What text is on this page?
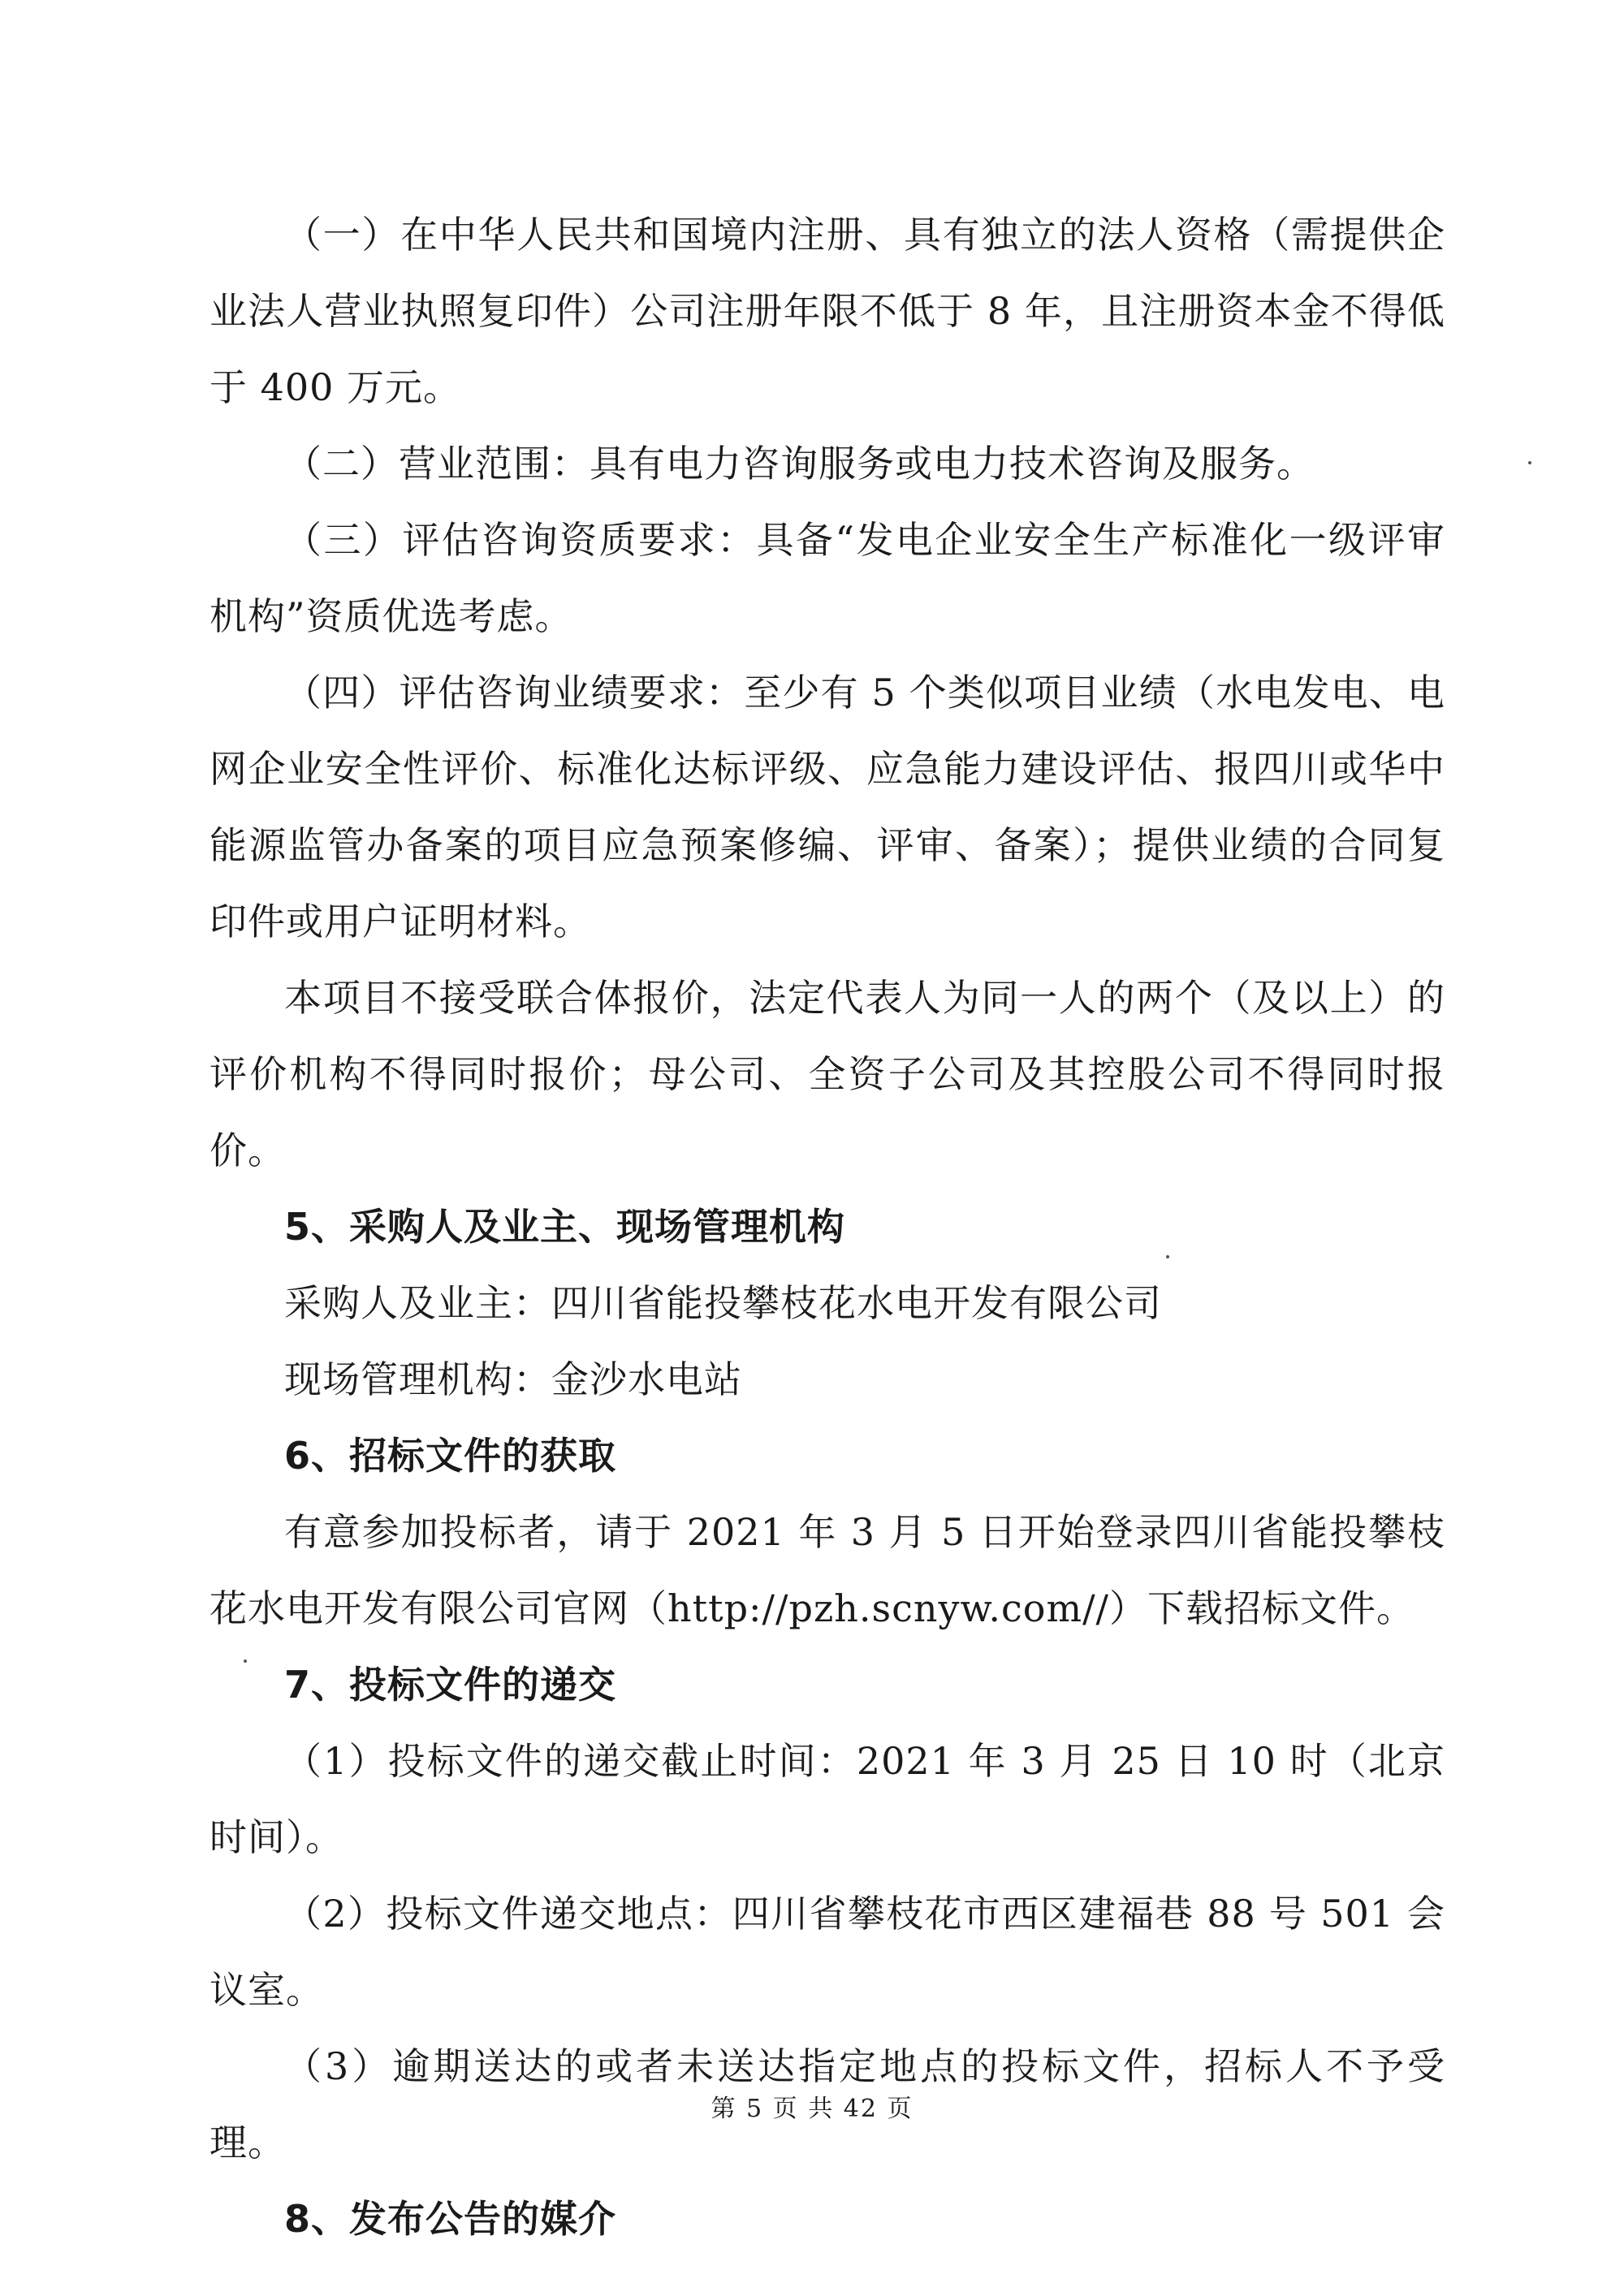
（一）在中华人民共和国境内注册、具有独立的法人资格（需提供企业法人营业执照复印件）公司注册年限不低于 8 年，且注册资本金不得低于 400 万元。

（二）营业范围：具有电力咨询服务或电力技术咨询及服务。

（三）评估咨询资质要求：具备“发电企业安全生产标准化一级评审机构”资质优选考虑。

（四）评估咨询业绩要求：至少有 5 个类似项目业绩（水电发电、电网企业安全性评价、标准化达标评级、应急能力建设评估、报四川或华中能源监管办备案的项目应急预案修编、评审、备案）；提供业绩的合同复印件或用户证明材料。

本项目不接受联合体报价，法定代表人为同一人的两个（及以上）的评价机构不得同时报价；母公司、全资子公司及其控股公司不得同时报价。

5、采购人及业主、现场管理机构

采购人及业主：四川省能投攀枝花水电开发有限公司

现场管理机构：金沙水电站

6、招标文件的获取

有意参加投标者，请于 2021 年 3 月 5 日开始登录四川省能投攀枝花水电开发有限公司官网（http://pzh.scnyw.com//）下载招标文件。

7、投标文件的递交

（1）投标文件的递交截止时间：2021 年 3 月 25 日 10 时（北京时间）。

（2）投标文件递交地点：四川省攀枝花市西区建福巷 88 号 501 会议室。

（3）逾期送达的或者未送达指定地点的投标文件，招标人不予受理。

8、发布公告的媒介

第 5 页 共 42 页
